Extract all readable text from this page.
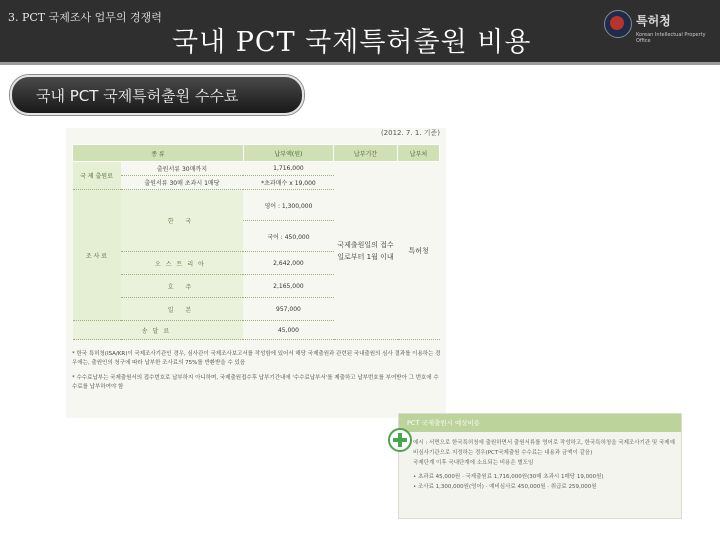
3. PCT 국제조사 업무의 경쟁력
국내 PCT 국제특허출원 비용
특허청
Korean Intellectual Property Office
국내 PCT 국제특허출원 수수료
(2012. 7. 1. 기준)
종 류		납부액(원)	납부기간	납부처
국 제 출원료	출원서류 30매까지	1,716,000	국제출원일의 접수일로부터 1월 이내	특허청
	출원서류 30매 초과시 1매당	*초과매수 x 19,000		
조 사 료	한 국	영어 : 1,300,000		
		국어 : 450,000		
	오스트리아	2,642,000		
	호 주	2,165,000		
	일 본	957,000		
송달료		45,000		
* 한국 특허청(ISA/KR)이 국제조사기관인 경우, 심사관이 국제조사보고서를 작성함에 있어서 해당 국제출원과 관련된 국내출원의 심사 결과를 이용하는 경우에는, 출원인의 청구에 따라 납부한 조사료의 75%를 반환받을 수 있음
* 수수료납부는 국제출원서의 접수번호로 납부하지 아니하며, 국제출원접수후 납부기간내에 '수수료납부서'를 제출하고 납부번호를 부여받아 그 번호에 수수료를 납부하여야 함
PCT 국제출원시 예상비용
예시 : 서면으로 한국특허청에 출원하면서 출원서류를 영어로 작성하고, 한국특허청을 국제조사기관 및 국제예비심사기관으로 지정하는 경우(PCT국제출원 수수료는 내용과 금액이 같음)
국제단계 이후 국내단계에 소요되는 비용은 별도임
• 초과료 45,000원 · 국제출원료 1,716,000원(30매 초과시 1매당 19,000원)
• 조사료 1,300,000원(영어) · 예비심사료 450,000원 · 취급료 259,000원
